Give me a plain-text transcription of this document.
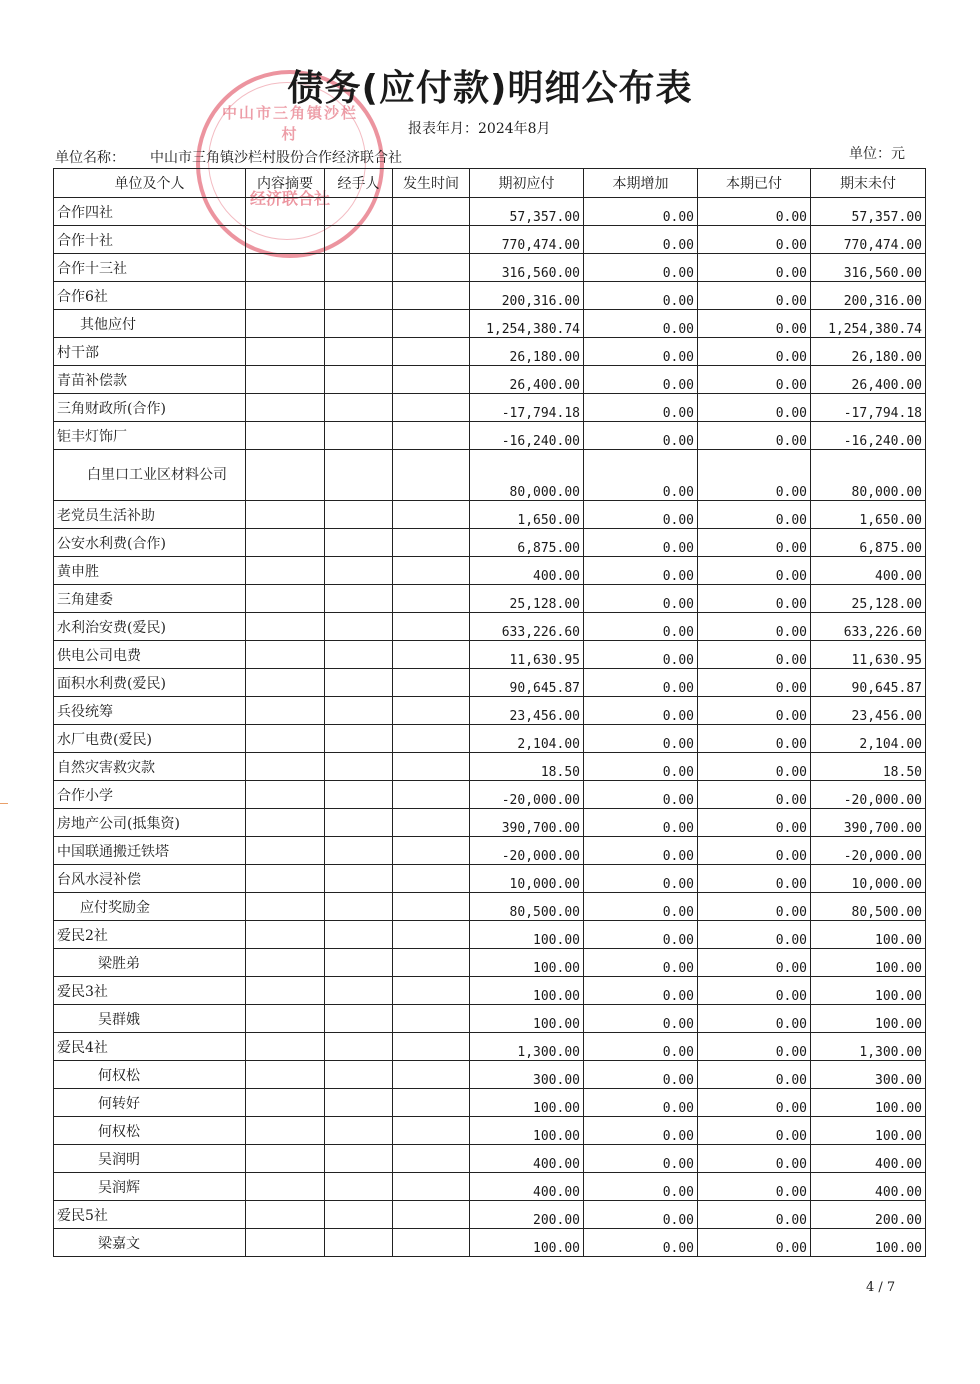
中山市三角镇沙栏村
经济联合社
债务(应付款)明细公布表
报表年月：2024年8月
单位名称： 中山市三角镇沙栏村股份合作经济联合社	单位：元
单位及个人	内容摘要	经手人	发生时间	期初应付	本期增加	本期已付	期末未付
合作四社				57,357.00	0.00	0.00	57,357.00
合作十社				770,474.00	0.00	0.00	770,474.00
合作十三社				316,560.00	0.00	0.00	316,560.00
合作6社				200,316.00	0.00	0.00	200,316.00
其他应付				1,254,380.74	0.00	0.00	1,254,380.74
村干部				26,180.00	0.00	0.00	26,180.00
青苗补偿款				26,400.00	0.00	0.00	26,400.00
三角财政所(合作)				-17,794.18	0.00	0.00	-17,794.18
钜丰灯饰厂				-16,240.00	0.00	0.00	-16,240.00
白里口工业区材料公司				80,000.00	0.00	0.00	80,000.00
老党员生活补助				1,650.00	0.00	0.00	1,650.00
公安水利费(合作)				6,875.00	0.00	0.00	6,875.00
黄申胜				400.00	0.00	0.00	400.00
三角建委				25,128.00	0.00	0.00	25,128.00
水利治安费(爱民)				633,226.60	0.00	0.00	633,226.60
供电公司电费				11,630.95	0.00	0.00	11,630.95
面积水利费(爱民)				90,645.87	0.00	0.00	90,645.87
兵役统筹				23,456.00	0.00	0.00	23,456.00
水厂电费(爱民)				2,104.00	0.00	0.00	2,104.00
自然灾害救灾款				18.50	0.00	0.00	18.50
合作小学				-20,000.00	0.00	0.00	-20,000.00
房地产公司(抵集资)				390,700.00	0.00	0.00	390,700.00
中国联通搬迁铁塔				-20,000.00	0.00	0.00	-20,000.00
台风水浸补偿				10,000.00	0.00	0.00	10,000.00
应付奖励金				80,500.00	0.00	0.00	80,500.00
爱民2社				100.00	0.00	0.00	100.00
梁胜弟				100.00	0.00	0.00	100.00
爱民3社				100.00	0.00	0.00	100.00
吴群娥				100.00	0.00	0.00	100.00
爱民4社				1,300.00	0.00	0.00	1,300.00
何权松				300.00	0.00	0.00	300.00
何转好				100.00	0.00	0.00	100.00
何权松				100.00	0.00	0.00	100.00
吴润明				400.00	0.00	0.00	400.00
吴润辉				400.00	0.00	0.00	400.00
爱民5社				200.00	0.00	0.00	200.00
梁嘉文				100.00	0.00	0.00	100.00
4 / 7
